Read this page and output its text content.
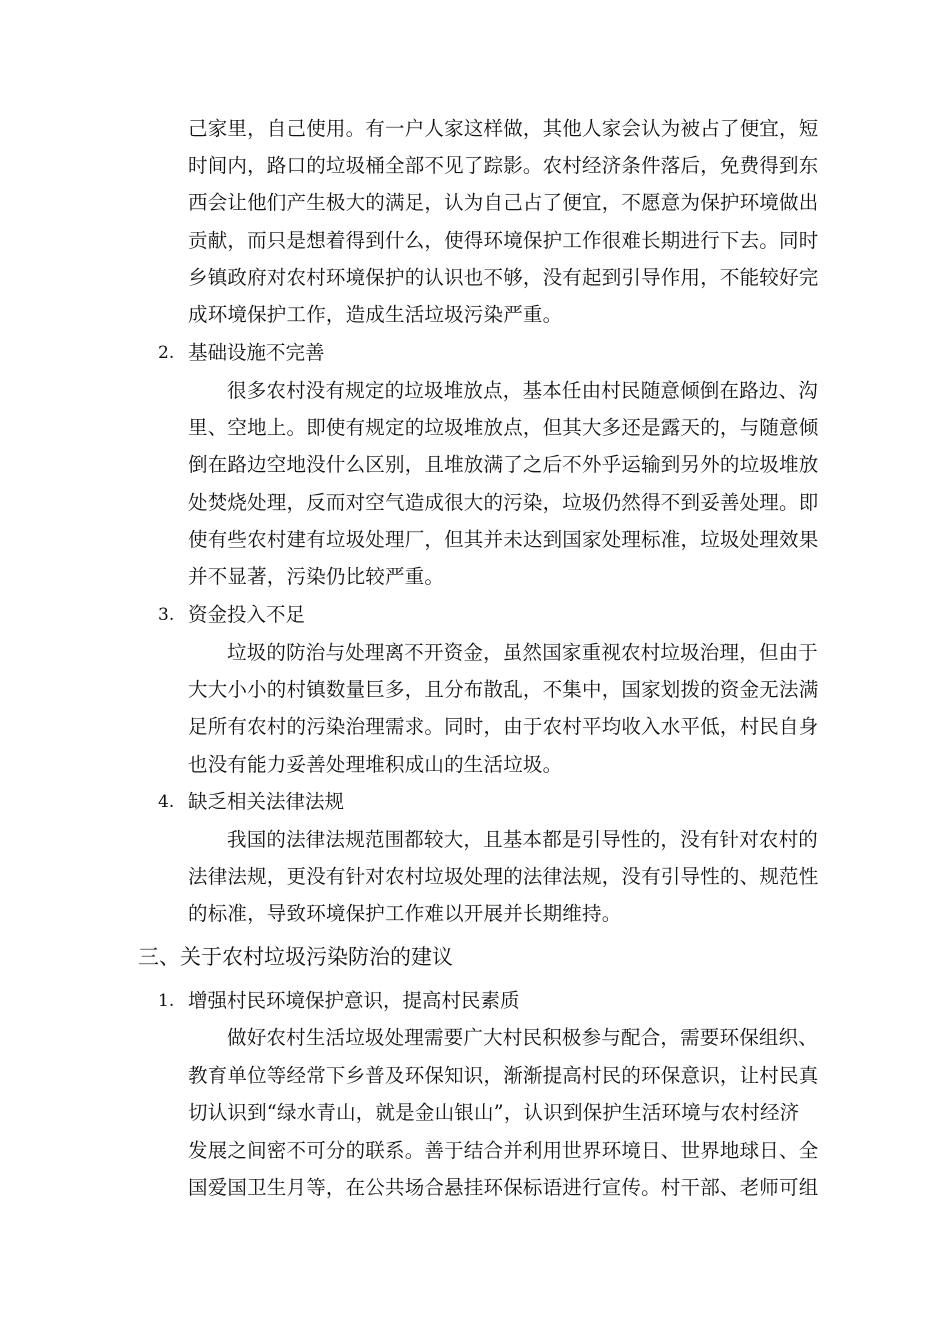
己家里，自己使用。有一户人家这样做，其他人家会认为被占了便宜，短
时间内，路口的垃圾桶全部不见了踪影。农村经济条件落后，免费得到东
西会让他们产生极大的满足，认为自己占了便宜，不愿意为保护环境做出
贡献，而只是想着得到什么，使得环境保护工作很难长期进行下去。同时
乡镇政府对农村环境保护的认识也不够，没有起到引导作用，不能较好完
成环境保护工作，造成生活垃圾污染严重。
2. 基础设施不完善
很多农村没有规定的垃圾堆放点，基本任由村民随意倾倒在路边、沟
里、空地上。即使有规定的垃圾堆放点，但其大多还是露天的，与随意倾
倒在路边空地没什么区别，且堆放满了之后不外乎运输到另外的垃圾堆放
处焚烧处理，反而对空气造成很大的污染，垃圾仍然得不到妥善处理。即
使有些农村建有垃圾处理厂，但其并未达到国家处理标准，垃圾处理效果
并不显著，污染仍比较严重。
3. 资金投入不足
垃圾的防治与处理离不开资金，虽然国家重视农村垃圾治理，但由于
大大小小的村镇数量巨多，且分布散乱，不集中，国家划拨的资金无法满
足所有农村的污染治理需求。同时，由于农村平均收入水平低，村民自身
也没有能力妥善处理堆积成山的生活垃圾。
4. 缺乏相关法律法规
我国的法律法规范围都较大，且基本都是引导性的，没有针对农村的
法律法规，更没有针对农村垃圾处理的法律法规，没有引导性的、规范性
的标准，导致环境保护工作难以开展并长期维持。
三、关于农村垃圾污染防治的建议
1. 增强村民环境保护意识，提高村民素质
做好农村生活垃圾处理需要广大村民积极参与配合，需要环保组织、
教育单位等经常下乡普及环保知识，渐渐提高村民的环保意识，让村民真
切认识到“绿水青山，就是金山银山”，认识到保护生活环境与农村经济
发展之间密不可分的联系。善于结合并利用世界环境日、世界地球日、全
国爱国卫生月等，在公共场合悬挂环保标语进行宣传。村干部、老师可组
